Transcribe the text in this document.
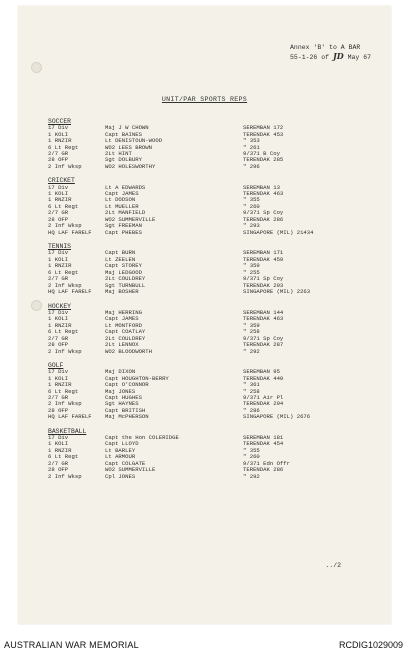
Annex 'B' to A BAR
55-1-26 of JD May 67
UNIT/PAR SPORTS REPS
SOCCER
17 Div	Maj J W CHOWN	SEREMBAN 172
1 KOLI	Capt BAINES	TERENDAK 453
1 RNZIR	Lt DENISTOUN-WOOD	" 353
6 Lt Regt	WO2 LEES BROWN	" 261
2/7 GR	2Lt HINT	9/371 B Coy
28 OFP	Sgt DOLBURY	TERENDAK 285
2 Inf Wksp	WO2 HOLESWORTHY	" 296
CRICKET
17 Div	Lt A EDWARDS	SEREMBAN 13
1 KOLI	Capt JAMES	TERENDAK 463
1 RNZIR	Lt DODSON	" 355
6 Lt Regt	Lt MUELLER	" 260
2/7 GR	2Lt MANFIELD	9/371 Sp Coy
28 OFP	WO2 SUMMERVILLE	TERENDAK 286
2 Inf Wksp	Sgt FREEMAN	" 293
HQ LAF FARELF	Capt PHEBES	SINGAPORE (MIL) 21434
TENNIS
17 Div	Capt BURN	SEREMBAN 171
1 KOLI	Lt ZEELEN	TERENDAK 459
1 RNZIR	Capt STOREY	" 359
6 Lt Regt	Maj LEDGOOD	" 255
2/7 GR	2Lt COULDREY	9/371 Sp Coy
2 Inf Wksp	Sgt TURNBULL	TERENDAK 293
HQ LAF FARELF	Maj BOSHER	SINGAPORE (MIL) 2263
HOCKEY
17 Div	Maj HERRING	SEREMBAN 144
1 KOLI	Capt JAMES	TERENDAK 463
1 RNZIR	Lt MONTFORD	" 359
6 Lt Regt	Capt COATLAY	" 258
2/7 GR	2Lt COULDREY	9/371 Sp Coy
28 OFP	2Lt LENNOX	TERENDAK 287
2 Inf Wksp	WO2 BLOODWORTH	" 292
GOLF
17 Div	Maj DIXON	SEREMBAN 95
1 KOLI	Capt HOUGHTON-BERRY	TERENDAK 440
1 RNZIR	Capt O'CONNOR	" 361
6 Lt Regt	Maj JONES	" 258
2/7 GR	Capt HUGHES	9/371 Air Pl
2 Inf Wksp	Sgt HAYNES	TERENDAK 294
28 OFP	Capt BRITISH	" 286
HQ LAF FARELF	Maj McPHERSON	SINGAPORE (MIL) 2676
BASKETBALL
17 Div	Capt the Hon COLERIDGE	SEREMBAN 181
1 KOLI	Capt LLOYD	TERENDAK 454
1 RNZIR	Lt BARLEY	" 355
6 Lt Regt	Lt ARMOUR	" 260
2/7 GR	Capt COLGATE	9/371 Edn Offr
28 OFP	WO2 SUMMERVILLE	TERENDAK 286
2 Inf Wksp	Cpl JONES	" 292
../2
AUSTRALIAN WAR MEMORIAL	RCDIG1029009
